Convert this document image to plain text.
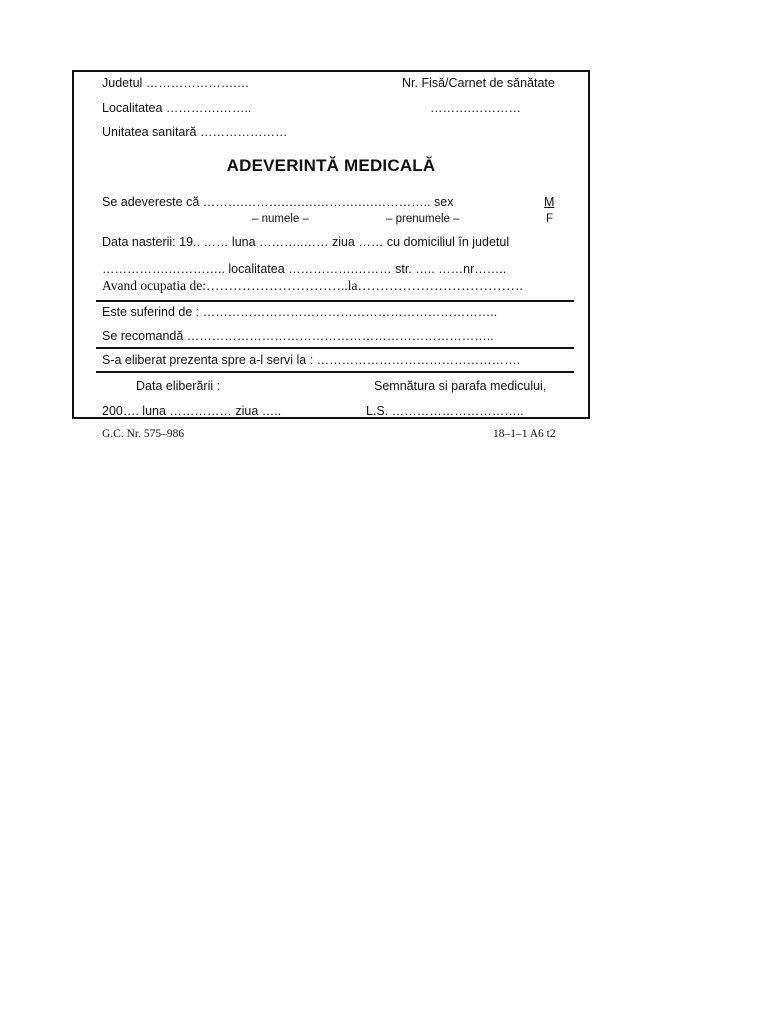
Judetul ………………….…	Nr. Fisă/Carnet de sănătate
Localitatea ………….……..	……….…………
Unitatea sanitară …………………
ADEVERINTĂ MEDICALĂ
Se adevereste că ……….……….….….……….….………….. sex	M
– numele –	– prenumele –	F
Data nasterii: 19.. …… luna ………..…… ziua …… cu domiciliul în judetul
…………….………….. localitatea …………….……… str. ….. ……nr……..
Avand ocupatia de:…………………………..la……………………………….
Este suferind de : ……………………………………………………………..
Se recomandă ………………………………………………………………..
S-a eliberat prezenta spre a-l servi la : ………………………………………….
Data eliberării :	Semnătura si parafa medicului,
200…. luna …………… ziua …..	L.S. …………………………..
G.C. Nr. 575–986	18–1–1 A6 t2
